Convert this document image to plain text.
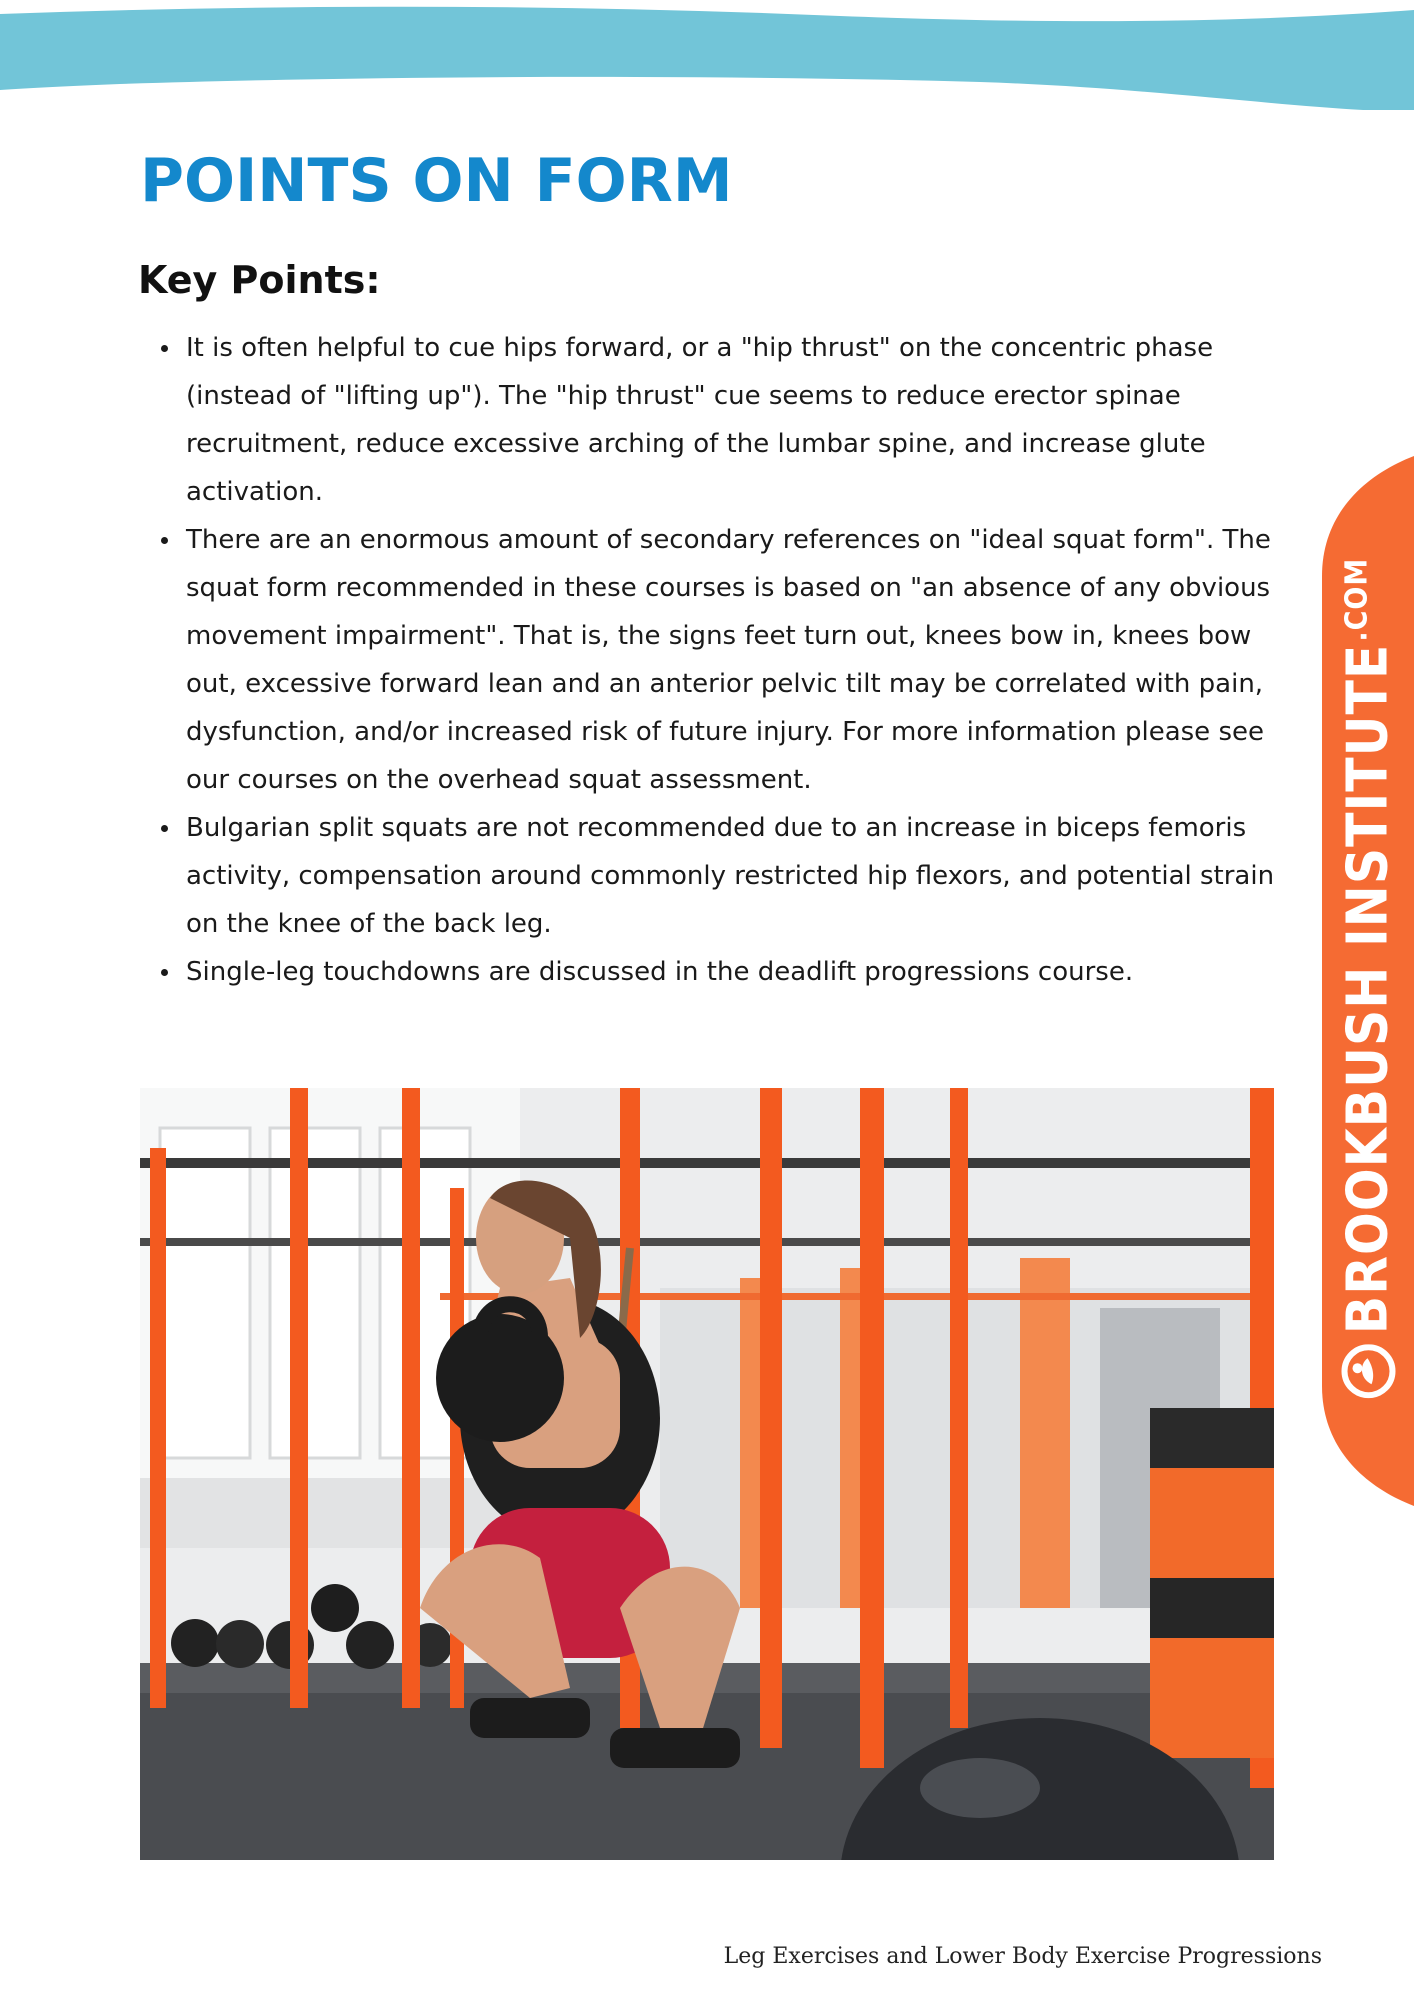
POINTS ON FORM
Key Points:
It is often helpful to cue hips forward, or a "hip thrust" on the concentric phase (instead of "lifting up"). The "hip thrust" cue seems to reduce erector spinae recruitment, reduce excessive arching of the lumbar spine, and increase glute activation.
There are an enormous amount of secondary references on "ideal squat form". The squat form recommended in these courses is based on "an absence of any obvious movement impairment". That is, the signs feet turn out, knees bow in, knees bow out, excessive forward lean and an anterior pelvic tilt may be correlated with pain, dysfunction, and/or increased risk of future injury. For more information please see our courses on the overhead squat assessment.
Bulgarian split squats are not recommended due to an increase in biceps femoris activity, compensation around commonly restricted hip flexors, and potential strain on the knee of the back leg.
Single-leg touchdowns are discussed in the deadlift progressions course.	BROOKBUSH INSTITUTE
.COM

Leg Exercises and Lower Body Exercise Progressions
